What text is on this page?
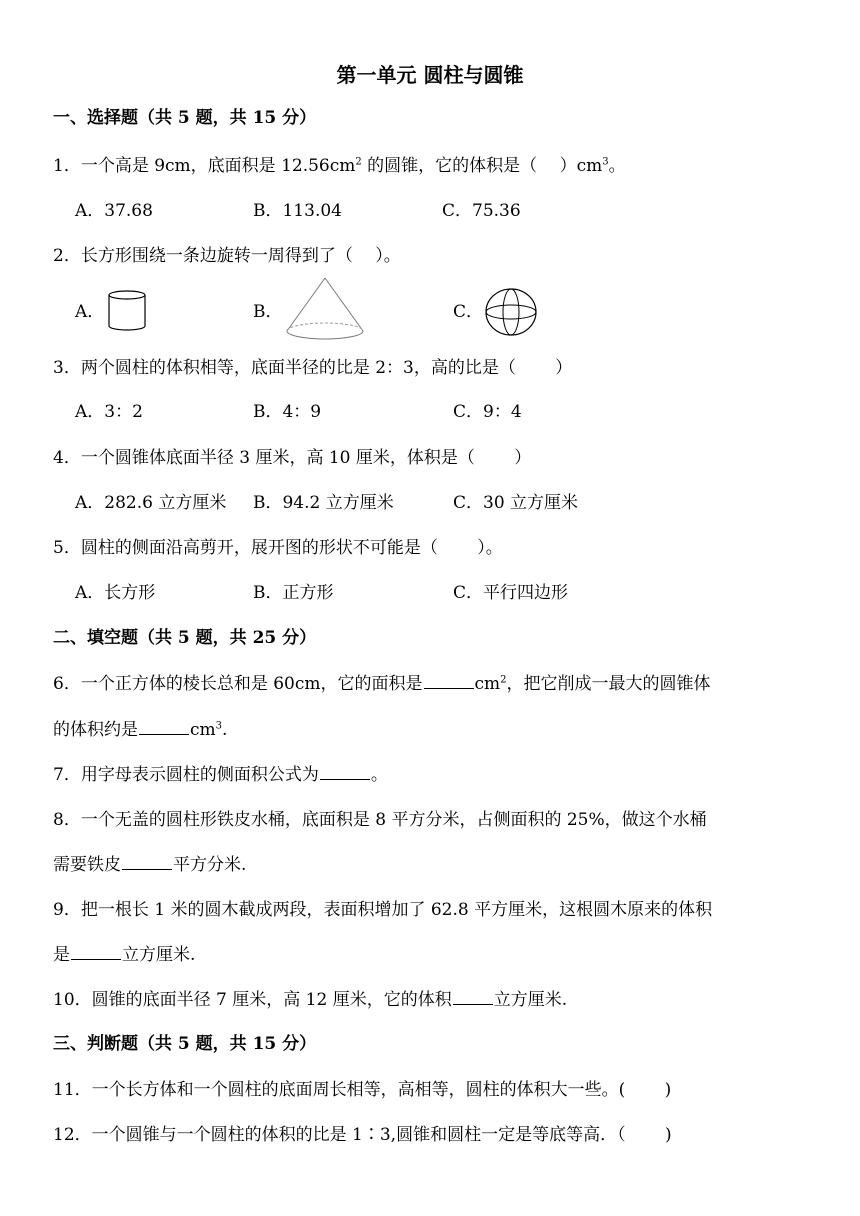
第一单元 圆柱与圆锥
一、选择题（共 5 题，共 15 分）
1．一个高是 9cm，底面积是 $12.56cm^2$ 的圆锥，它的体积是（　 ）$cm^3$。
A．37.68	B．113.04	C．75.36
2．长方形围绕一条边旋转一周得到了（　 ）。
A．	B．	C．
3．两个圆柱的体积相等，底面半径的比是 2：3，高的比是（　　 ）
A．3：2	B．4：9	C．9：4
4．一个圆锥体底面半径 3 厘米，高 10 厘米，体积是（　　 ）
A．282.6 立方厘米 B．94.2 立方厘米	C．30 立方厘米
5．圆柱的侧面沿高剪开，展开图的形状不可能是（　　 ）。
A．长方形	B．正方形	C．平行四边形
二、填空题（共 5 题，共 25 分）
6．一个正方体的棱长总和是 60cm，它的面积是	$cm^2$，把它削成一最大的圆锥体
的体积约是	$cm^3$.
7．用字母表示圆柱的侧面积公式为	。
8．一个无盖的圆柱形铁皮水桶，底面积是 8 平方分米，占侧面积的 25%，做这个水桶
需要铁皮	平方分米.
9．把一根长 1 米的圆木截成两段，表面积增加了 62.8 平方厘米，这根圆木原来的体积
是	立方厘米.
10．圆锥的底面半径 7 厘米，高 12 厘米，它的体积 立方厘米.
三、判断题（共 5 题，共 15 分）
11．一个长方体和一个圆柱的底面周长相等，高相等，圆柱的体积大一些。(　　 )
12．一个圆锥与一个圆柱的体积的比是 1∶3,圆锥和圆柱一定是等底等高．（　　 )
